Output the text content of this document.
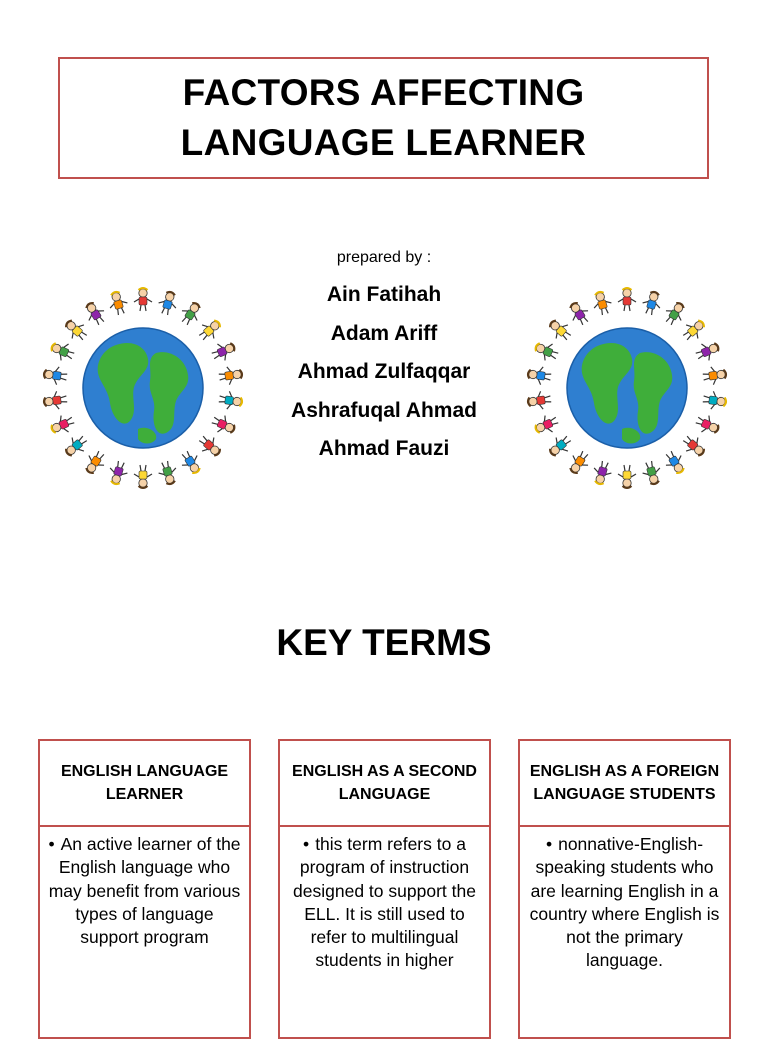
FACTORS AFFECTING
LANGUAGE LEARNER
prepared by :
Ain Fatihah
Adam Ariff
Ahmad Zulfaqqar
Ashrafuqal Ahmad
Ahmad Fauzi
KEY TERMS
ENGLISH LANGUAGE LEARNER
• An active learner of the English language who may benefit from various types of language support program
ENGLISH AS A SECOND LANGUAGE
• this term refers to a program of instruction designed to support the ELL. It is still used to refer to multilingual students in higher
ENGLISH AS A FOREIGN LANGUAGE STUDENTS
• nonnative-English-speaking students who are learning English in a country where English is not the primary language.
